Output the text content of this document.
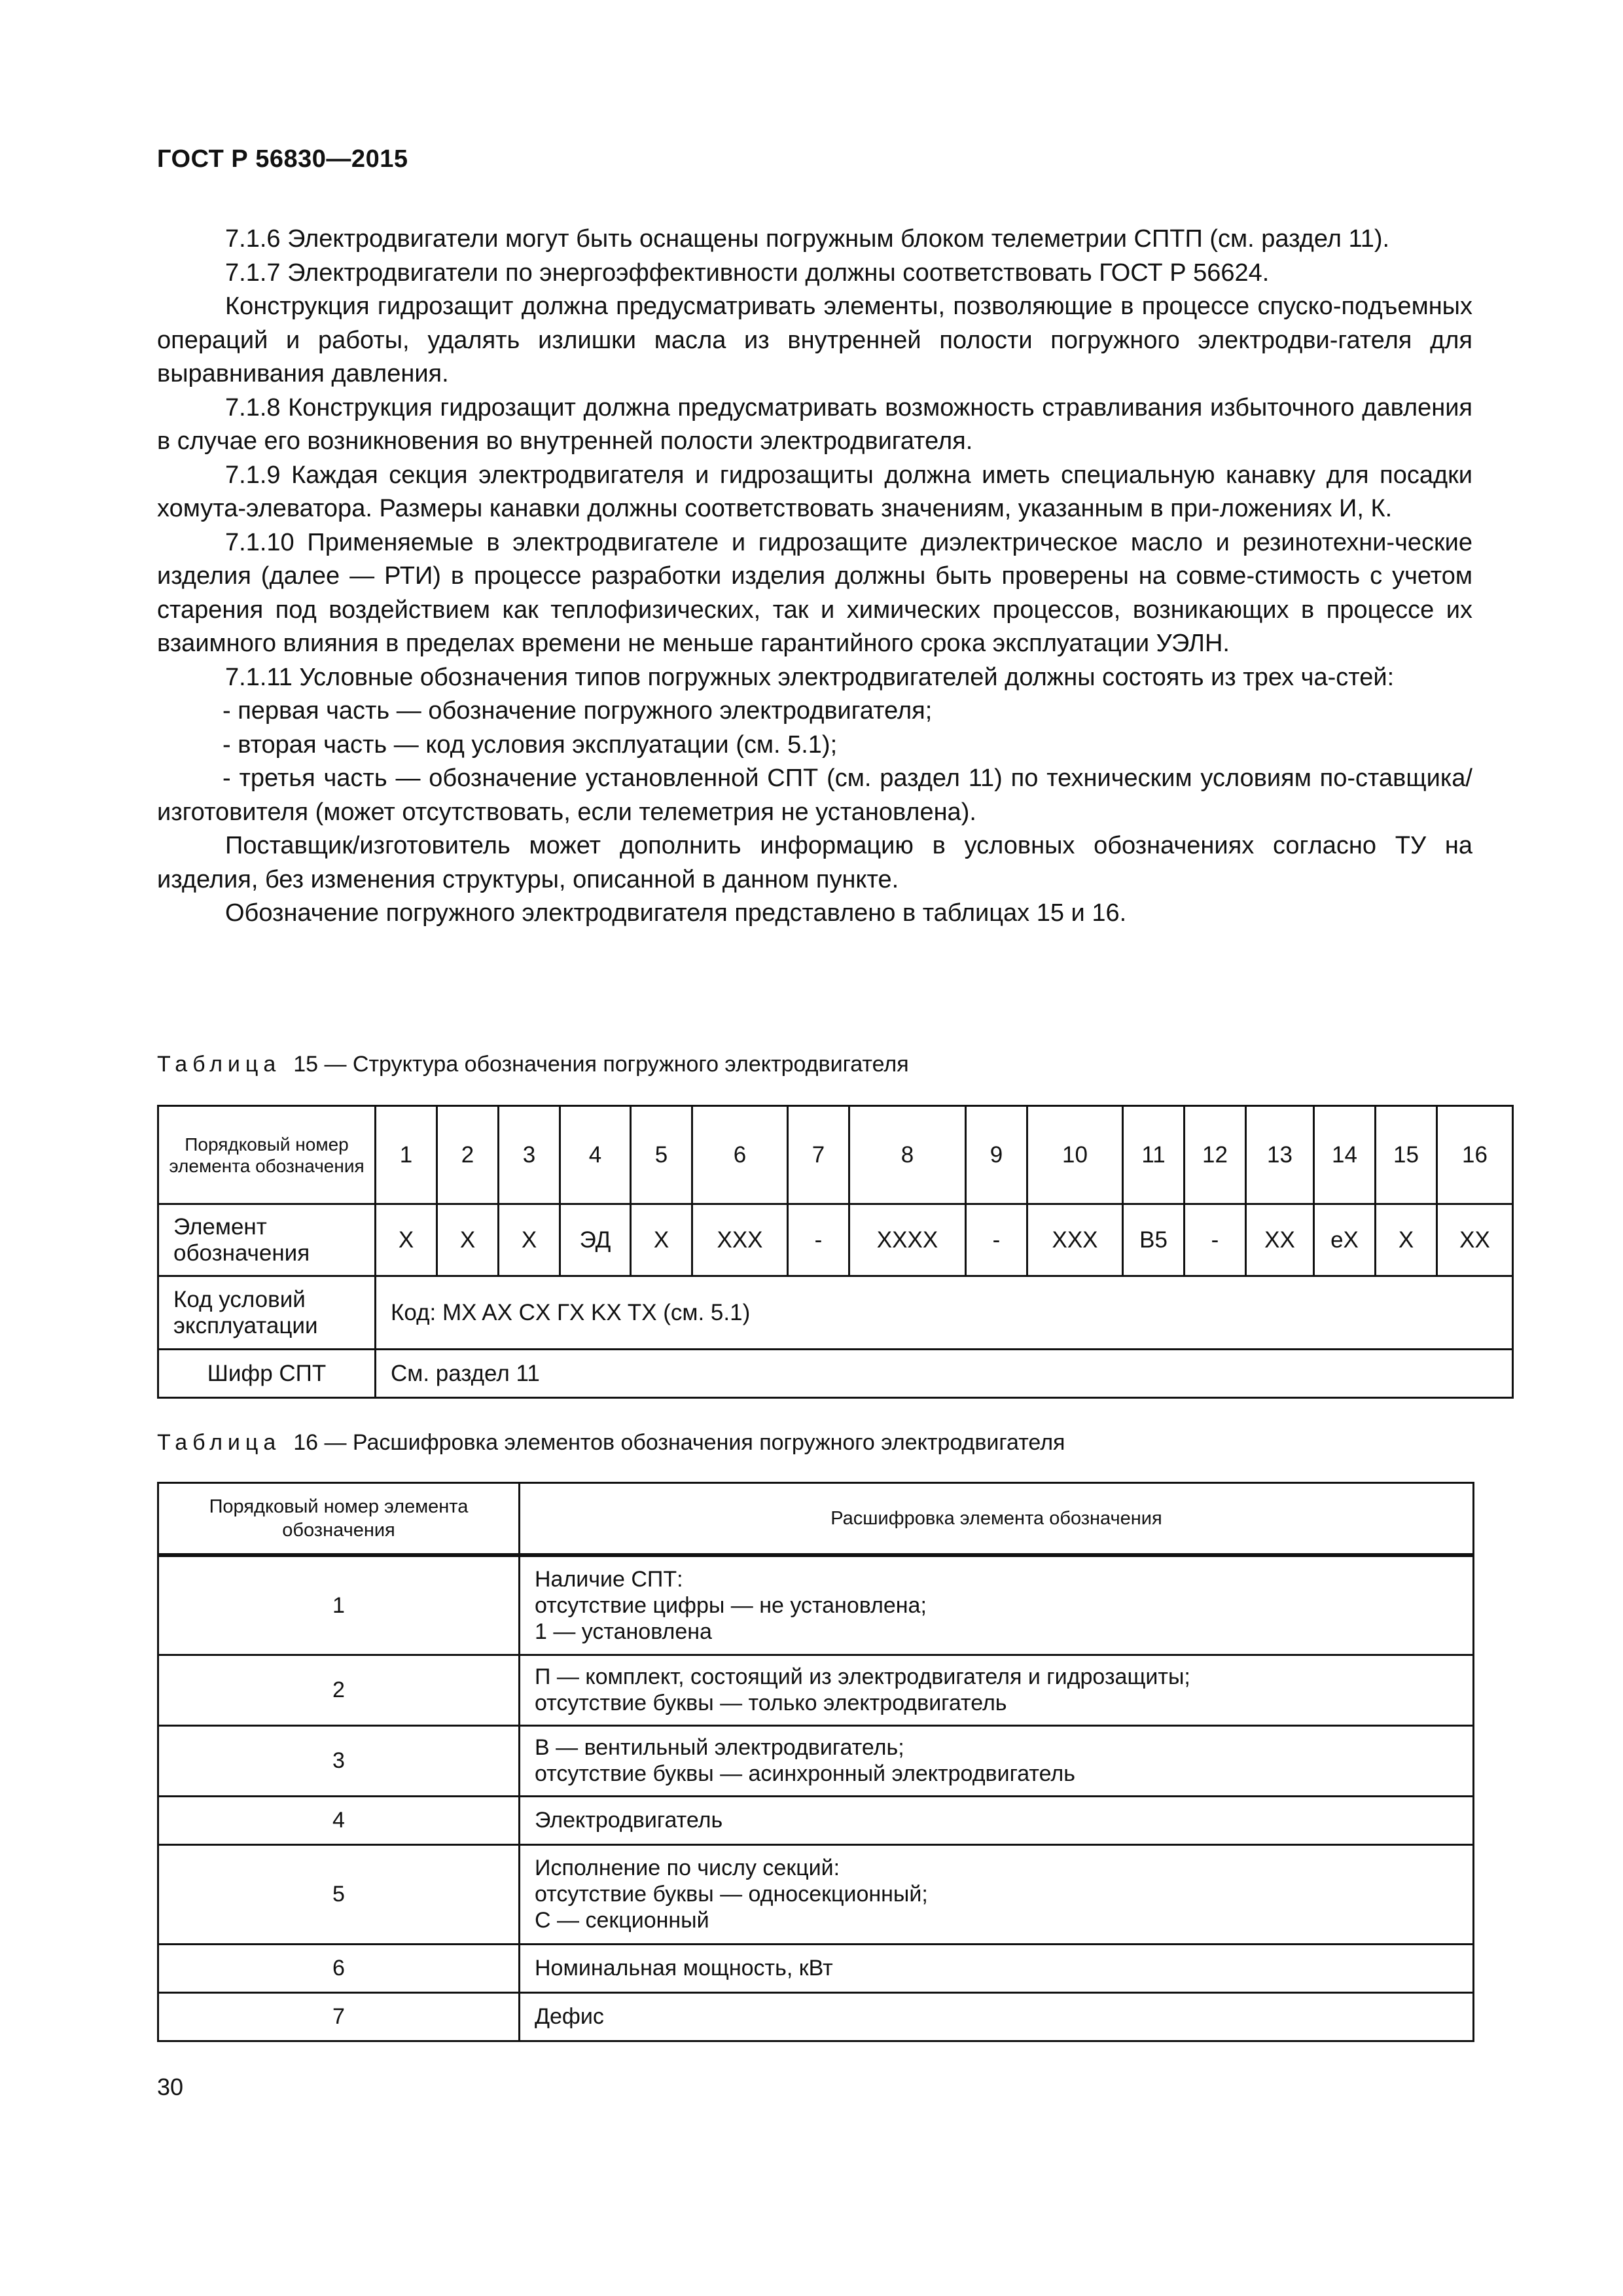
ГОСТ Р 56830—2015

7.1.6 Электродвигатели могут быть оснащены погружным блоком телеметрии СПТП (см. раздел 11).

7.1.7 Электродвигатели по энергоэффективности должны соответствовать ГОСТ Р 56624.

Конструкция гидрозащит должна предусматривать элементы, позволяющие в процессе спуско-подъемных операций и работы, удалять излишки масла из внутренней полости погружного электродви-гателя для выравнивания давления.

7.1.8 Конструкция гидрозащит должна предусматривать возможность стравливания избыточного давления в случае его возникновения во внутренней полости электродвигателя.

7.1.9 Каждая секция электродвигателя и гидрозащиты должна иметь специальную канавку для посадки хомута-элеватора. Размеры канавки должны соответствовать значениям, указанным в при-ложениях И, К.

7.1.10 Применяемые в электродвигателе и гидрозащите диэлектрическое масло и резинотехни-ческие изделия (далее — РТИ) в процессе разработки изделия должны быть проверены на совме-стимость с учетом старения под воздействием как теплофизических, так и химических процессов, возникающих в процессе их взаимного влияния в пределах времени не меньше гарантийного срока эксплуатации УЭЛН.

7.1.11 Условные обозначения типов погружных электродвигателей должны состоять из трех ча-стей:

- первая часть — обозначение погружного электродвигателя;

- вторая часть — код условия эксплуатации (см. 5.1);

- третья часть — обозначение установленной СПТ (см. раздел 11) по техническим условиям по-ставщика/изготовителя (может отсутствовать, если телеметрия не установлена).

Поставщик/изготовитель может дополнить информацию в условных обозначениях согласно ТУ на изделия, без изменения структуры, описанной в данном пункте.

Обозначение погружного электродвигателя представлено в таблицах 15 и 16.

Таблица 15 — Структура обозначения погружного электродвигателя
Порядковый номер элемента обозначения	1	2	3	4	5	6	7	8	9	10	11	12	13	14	15	16
Элемент обозначения	X	X	X	ЭД	X	XXX	-	XXXX	-	XXX	B5	-	XX	eX	X	XX
Код условий эксплуатации	Код: MX AX CX ГX KX TX (см. 5.1)															
Шифр СПТ	См. раздел 11															
Таблица 16 — Расшифровка элементов обозначения погружного электродвигателя
Порядковый номер элемента обозначения	Расшифровка элемента обозначения
1	Наличие СПТ:
отсутствие цифры — не установлена;
1 — установлена

2	П — комплект, состоящий из электродвигателя и гидрозащиты;
отсутствие буквы — только электродвигатель

3	В — вентильный электродвигатель;
отсутствие буквы — асинхронный электродвигатель

4	Электродвигатель

5	Исполнение по числу секций:
отсутствие буквы — односекционный;
С — секционный

6	Номинальная мощность, кВт

7	Дефис
30
